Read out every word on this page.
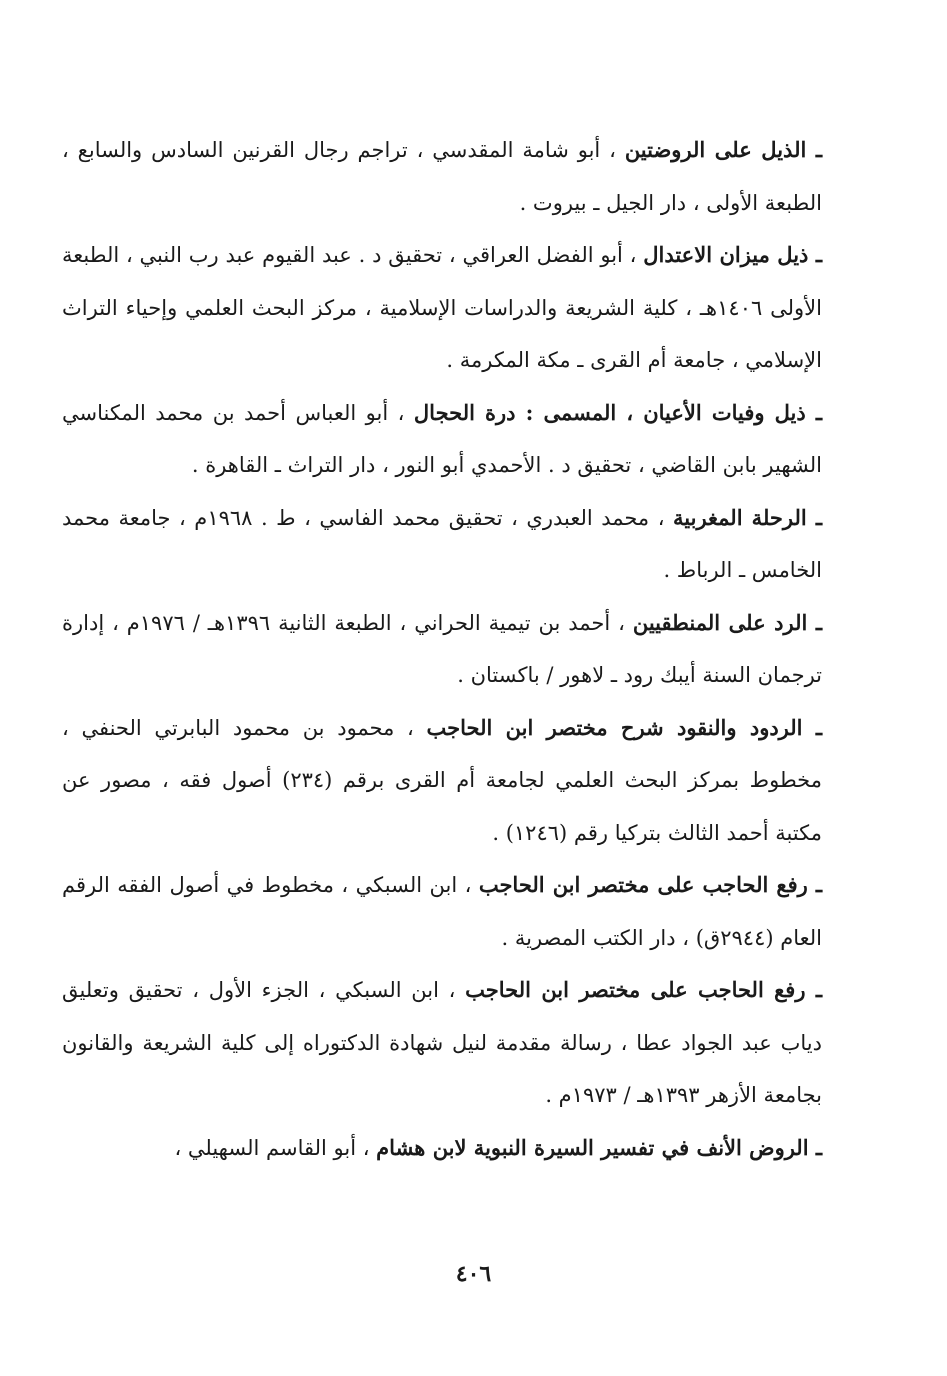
ـ الذيل على الروضتين ، أبو شامة المقدسي ، تراجم رجال القرنين السادس والسابع ، الطبعة الأولى ، دار الجيل ـ بيروت .

ـ ذيل ميزان الاعتدال ، أبو الفضل العراقي ، تحقيق د . عبد القيوم عبد رب النبي ، الطبعة الأولى ١٤٠٦هـ ، كلية الشريعة والدراسات الإسلامية ، مركز البحث العلمي وإحياء التراث الإسلامي ، جامعة أم القرى ـ مكة المكرمة .

ـ ذيل وفيات الأعيان ، المسمى : درة الحجال ، أبو العباس أحمد بن محمد المكناسي الشهير بابن القاضي ، تحقيق د . الأحمدي أبو النور ، دار التراث ـ القاهرة .

ـ الرحلة المغربية ، محمد العبدري ، تحقيق محمد الفاسي ، ط . ١٩٦٨م ، جامعة محمد الخامس ـ الرباط .

ـ الرد على المنطقيين ، أحمد بن تيمية الحراني ، الطبعة الثانية ١٣٩٦هـ / ١٩٧٦م ، إدارة ترجمان السنة أيبك رود ـ لاهور / باكستان .

ـ الردود والنقود شرح مختصر ابن الحاجب ، محمود بن محمود البابرتي الحنفي ، مخطوط بمركز البحث العلمي لجامعة أم القرى برقم (٢٣٤) أصول فقه ، مصور عن مكتبة أحمد الثالث بتركيا رقم (١٢٤٦) .

ـ رفع الحاجب على مختصر ابن الحاجب ، ابن السبكي ، مخطوط في أصول الفقه الرقم العام (٢٩٤٤ق) ، دار الكتب المصرية .

ـ رفع الحاجب على مختصر ابن الحاجب ، ابن السبكي ، الجزء الأول ، تحقيق وتعليق دياب عبد الجواد عطا ، رسالة مقدمة لنيل شهادة الدكتوراه إلى كلية الشريعة والقانون بجامعة الأزهر ١٣٩٣هـ / ١٩٧٣م .

ـ الروض الأنف في تفسير السيرة النبوية لابن هشام ، أبو القاسم السهيلي ،

٤٠٦
